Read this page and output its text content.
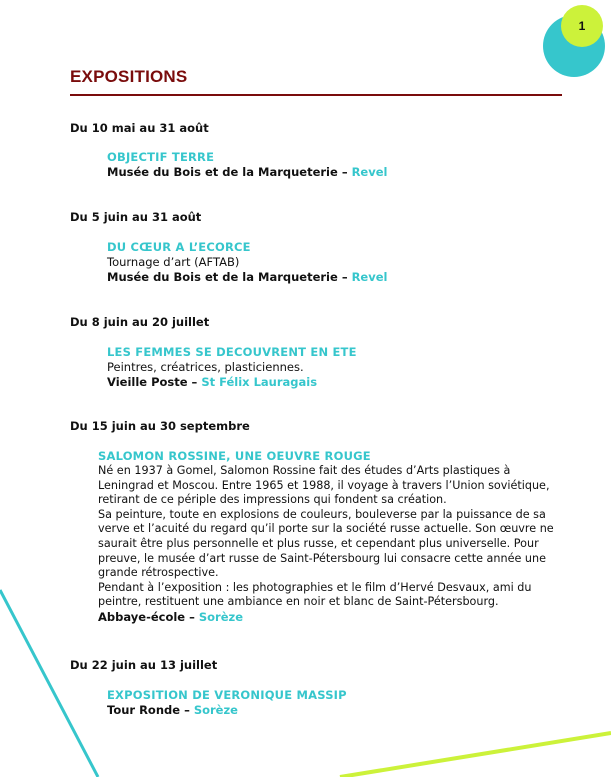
1
EXPOSITIONS
Du 10 mai au 31 août
OBJECTIF TERRE
Musée du Bois et de la Marqueterie – Revel
Du 5 juin au 31 août
DU CŒUR A L’ECORCE
Tournage d’art (AFTAB)
Musée du Bois et de la Marqueterie – Revel
Du 8 juin au 20 juillet
LES FEMMES SE DECOUVRENT EN ETE
Peintres, créatrices, plasticiennes.
Vieille Poste – St Félix Lauragais
Du 15 juin au 30 septembre
SALOMON ROSSINE, UNE OEUVRE ROUGE

Né en 1937 à Gomel, Salomon Rossine fait des études d’Arts plastiques à Leningrad et Moscou. Entre 1965 et 1988, il voyage à travers l’Union soviétique, retirant de ce périple des impressions qui fondent sa création.

Sa peinture, toute en explosions de couleurs, bouleverse par la puissance de sa verve et l’acuité du regard qu’il porte sur la société russe actuelle. Son œuvre ne saurait être plus personnelle et plus russe, et cependant plus universelle. Pour preuve, le musée d’art russe de Saint-Pétersbourg lui consacre cette année une grande rétrospective.

Pendant à l’exposition : les photographies et le film d’Hervé Desvaux, ami du peintre, restituent une ambiance en noir et blanc de Saint-Pétersbourg.

Abbaye-école – Sorèze
Du 22 juin au 13 juillet
EXPOSITION DE VERONIQUE MASSIP
Tour Ronde – Sorèze
